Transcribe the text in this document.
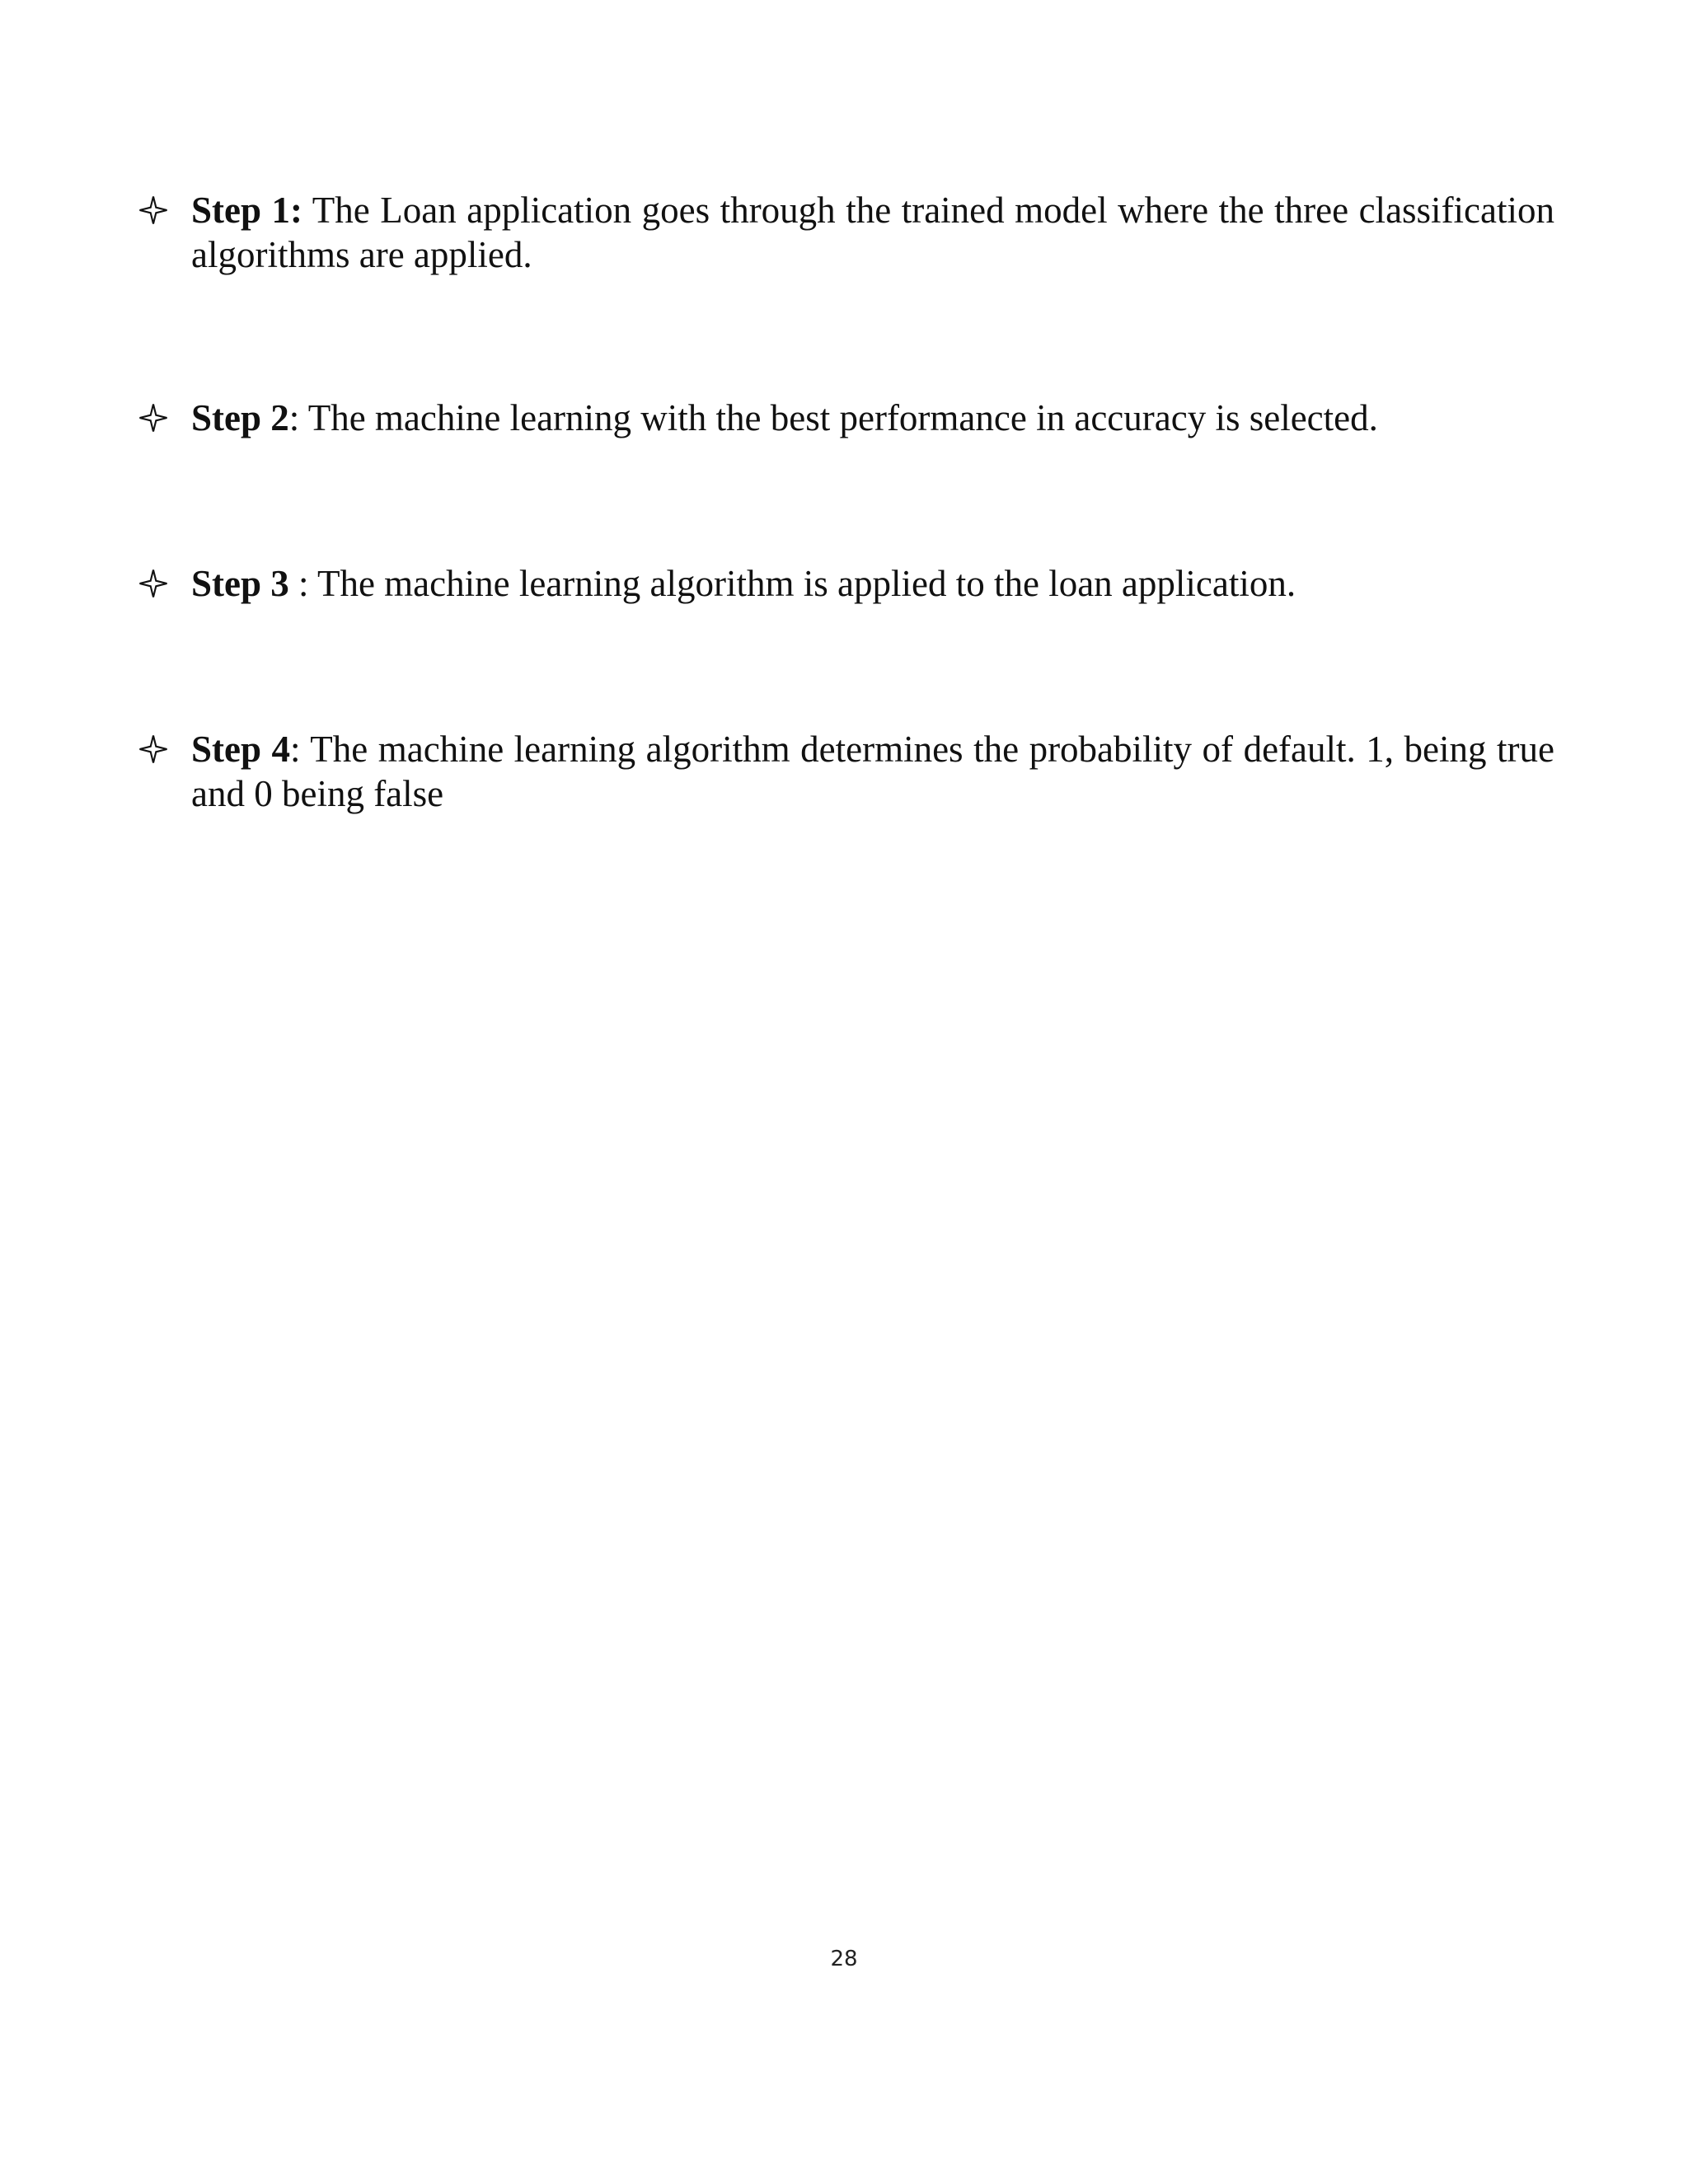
Step 1: The Loan application goes through the trained model where the three classification algorithms are applied.
Step 2: The machine learning with the best performance in accuracy is selected.
Step 3 : The machine learning algorithm is applied to the loan application.
Step 4: The machine learning algorithm determines the probability of default. 1, being true and 0 being false
28
